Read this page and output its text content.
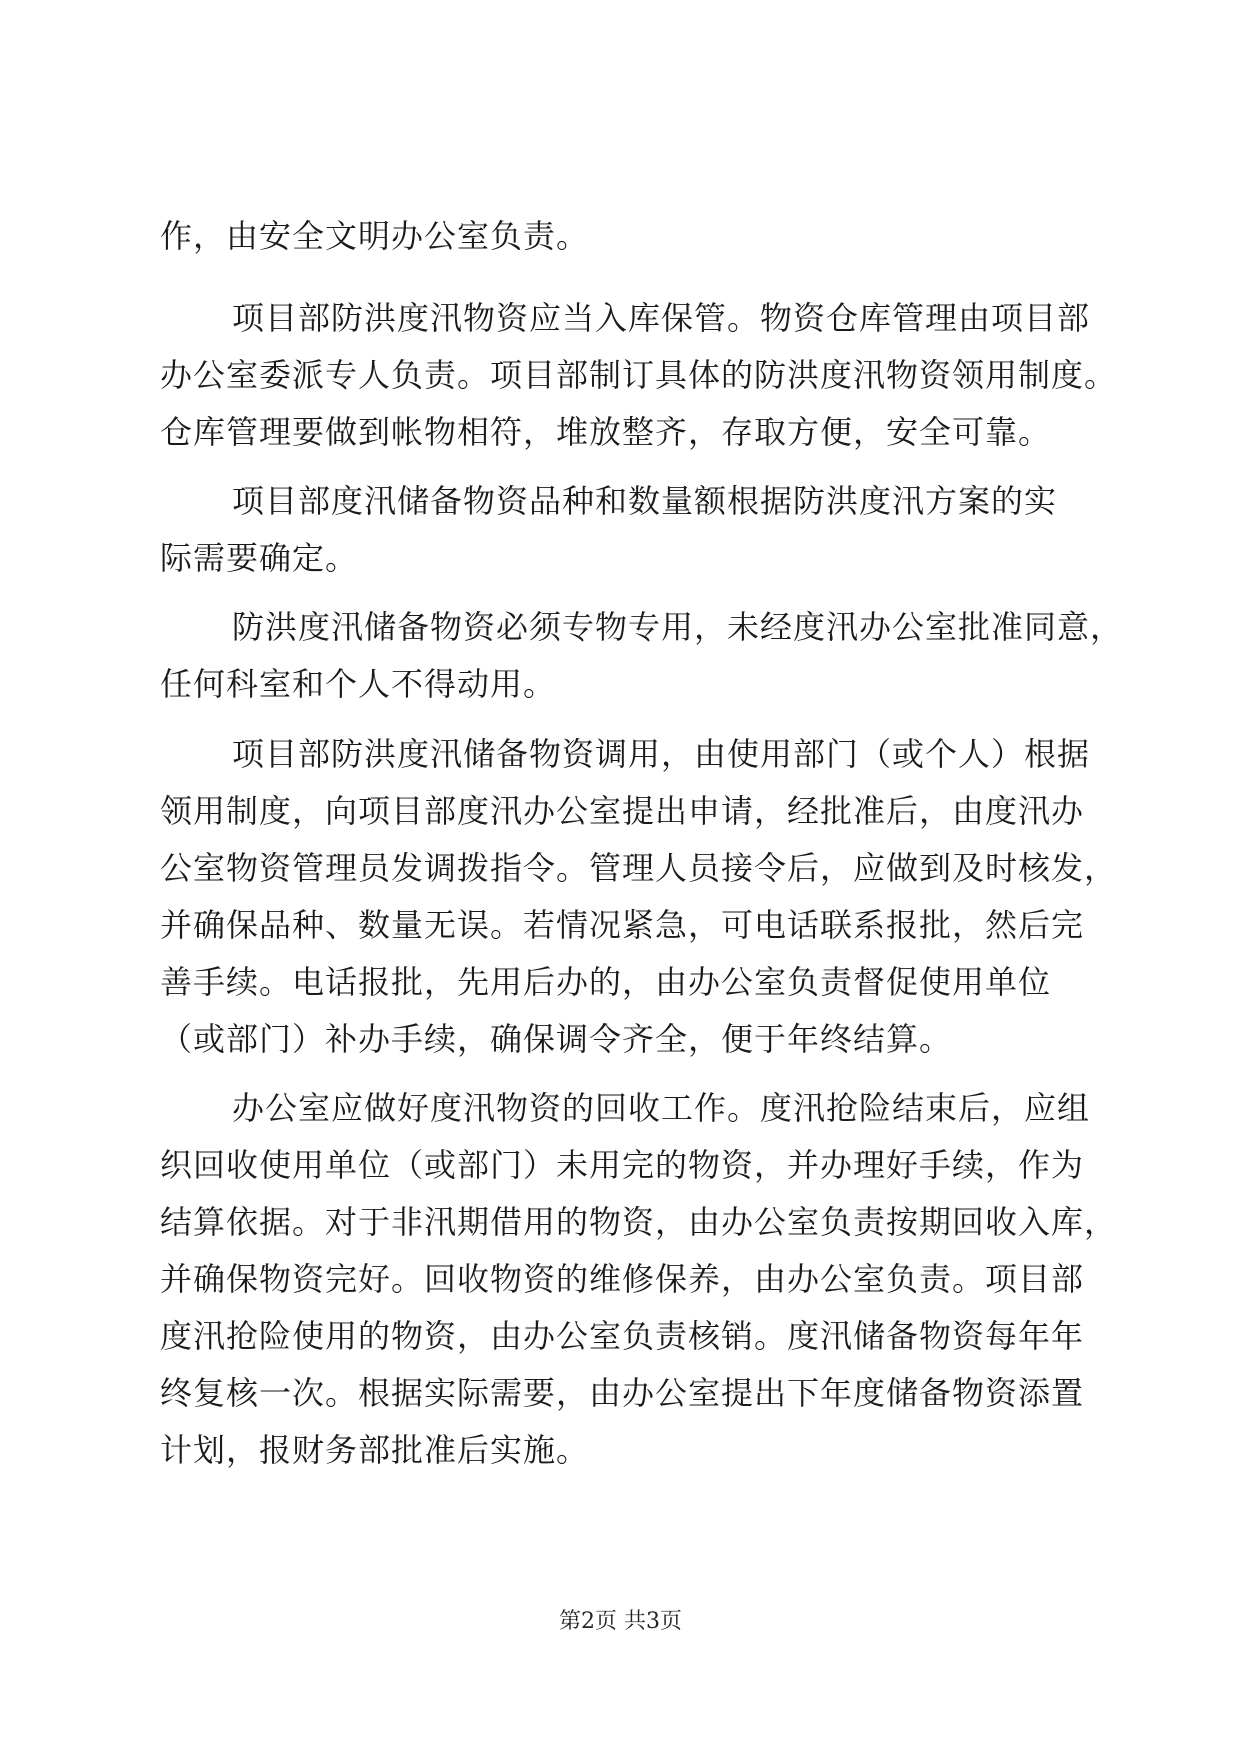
作，由安全文明办公室负责。

项目部防洪度汛物资应当入库保管。物资仓库管理由项目部

办公室委派专人负责。项目部制订具体的防洪度汛物资领用制度。

仓库管理要做到帐物相符，堆放整齐，存取方便，安全可靠。

项目部度汛储备物资品种和数量额根据防洪度汛方案的实

际需要确定。

防洪度汛储备物资必须专物专用，未经度汛办公室批准同意，

任何科室和个人不得动用。

项目部防洪度汛储备物资调用，由使用部门（或个人）根据

领用制度，向项目部度汛办公室提出申请，经批准后，由度汛办

公室物资管理员发调拨指令。管理人员接令后，应做到及时核发，

并确保品种、数量无误。若情况紧急，可电话联系报批，然后完

善手续。电话报批，先用后办的，由办公室负责督促使用单位

（或部门）补办手续，确保调令齐全，便于年终结算。

办公室应做好度汛物资的回收工作。度汛抢险结束后，应组

织回收使用单位（或部门）未用完的物资，并办理好手续，作为

结算依据。对于非汛期借用的物资，由办公室负责按期回收入库，

并确保物资完好。回收物资的维修保养，由办公室负责。项目部

度汛抢险使用的物资，由办公室负责核销。度汛储备物资每年年

终复核一次。根据实际需要，由办公室提出下年度储备物资添置

计划，报财务部批准后实施。

第2页 共3页
